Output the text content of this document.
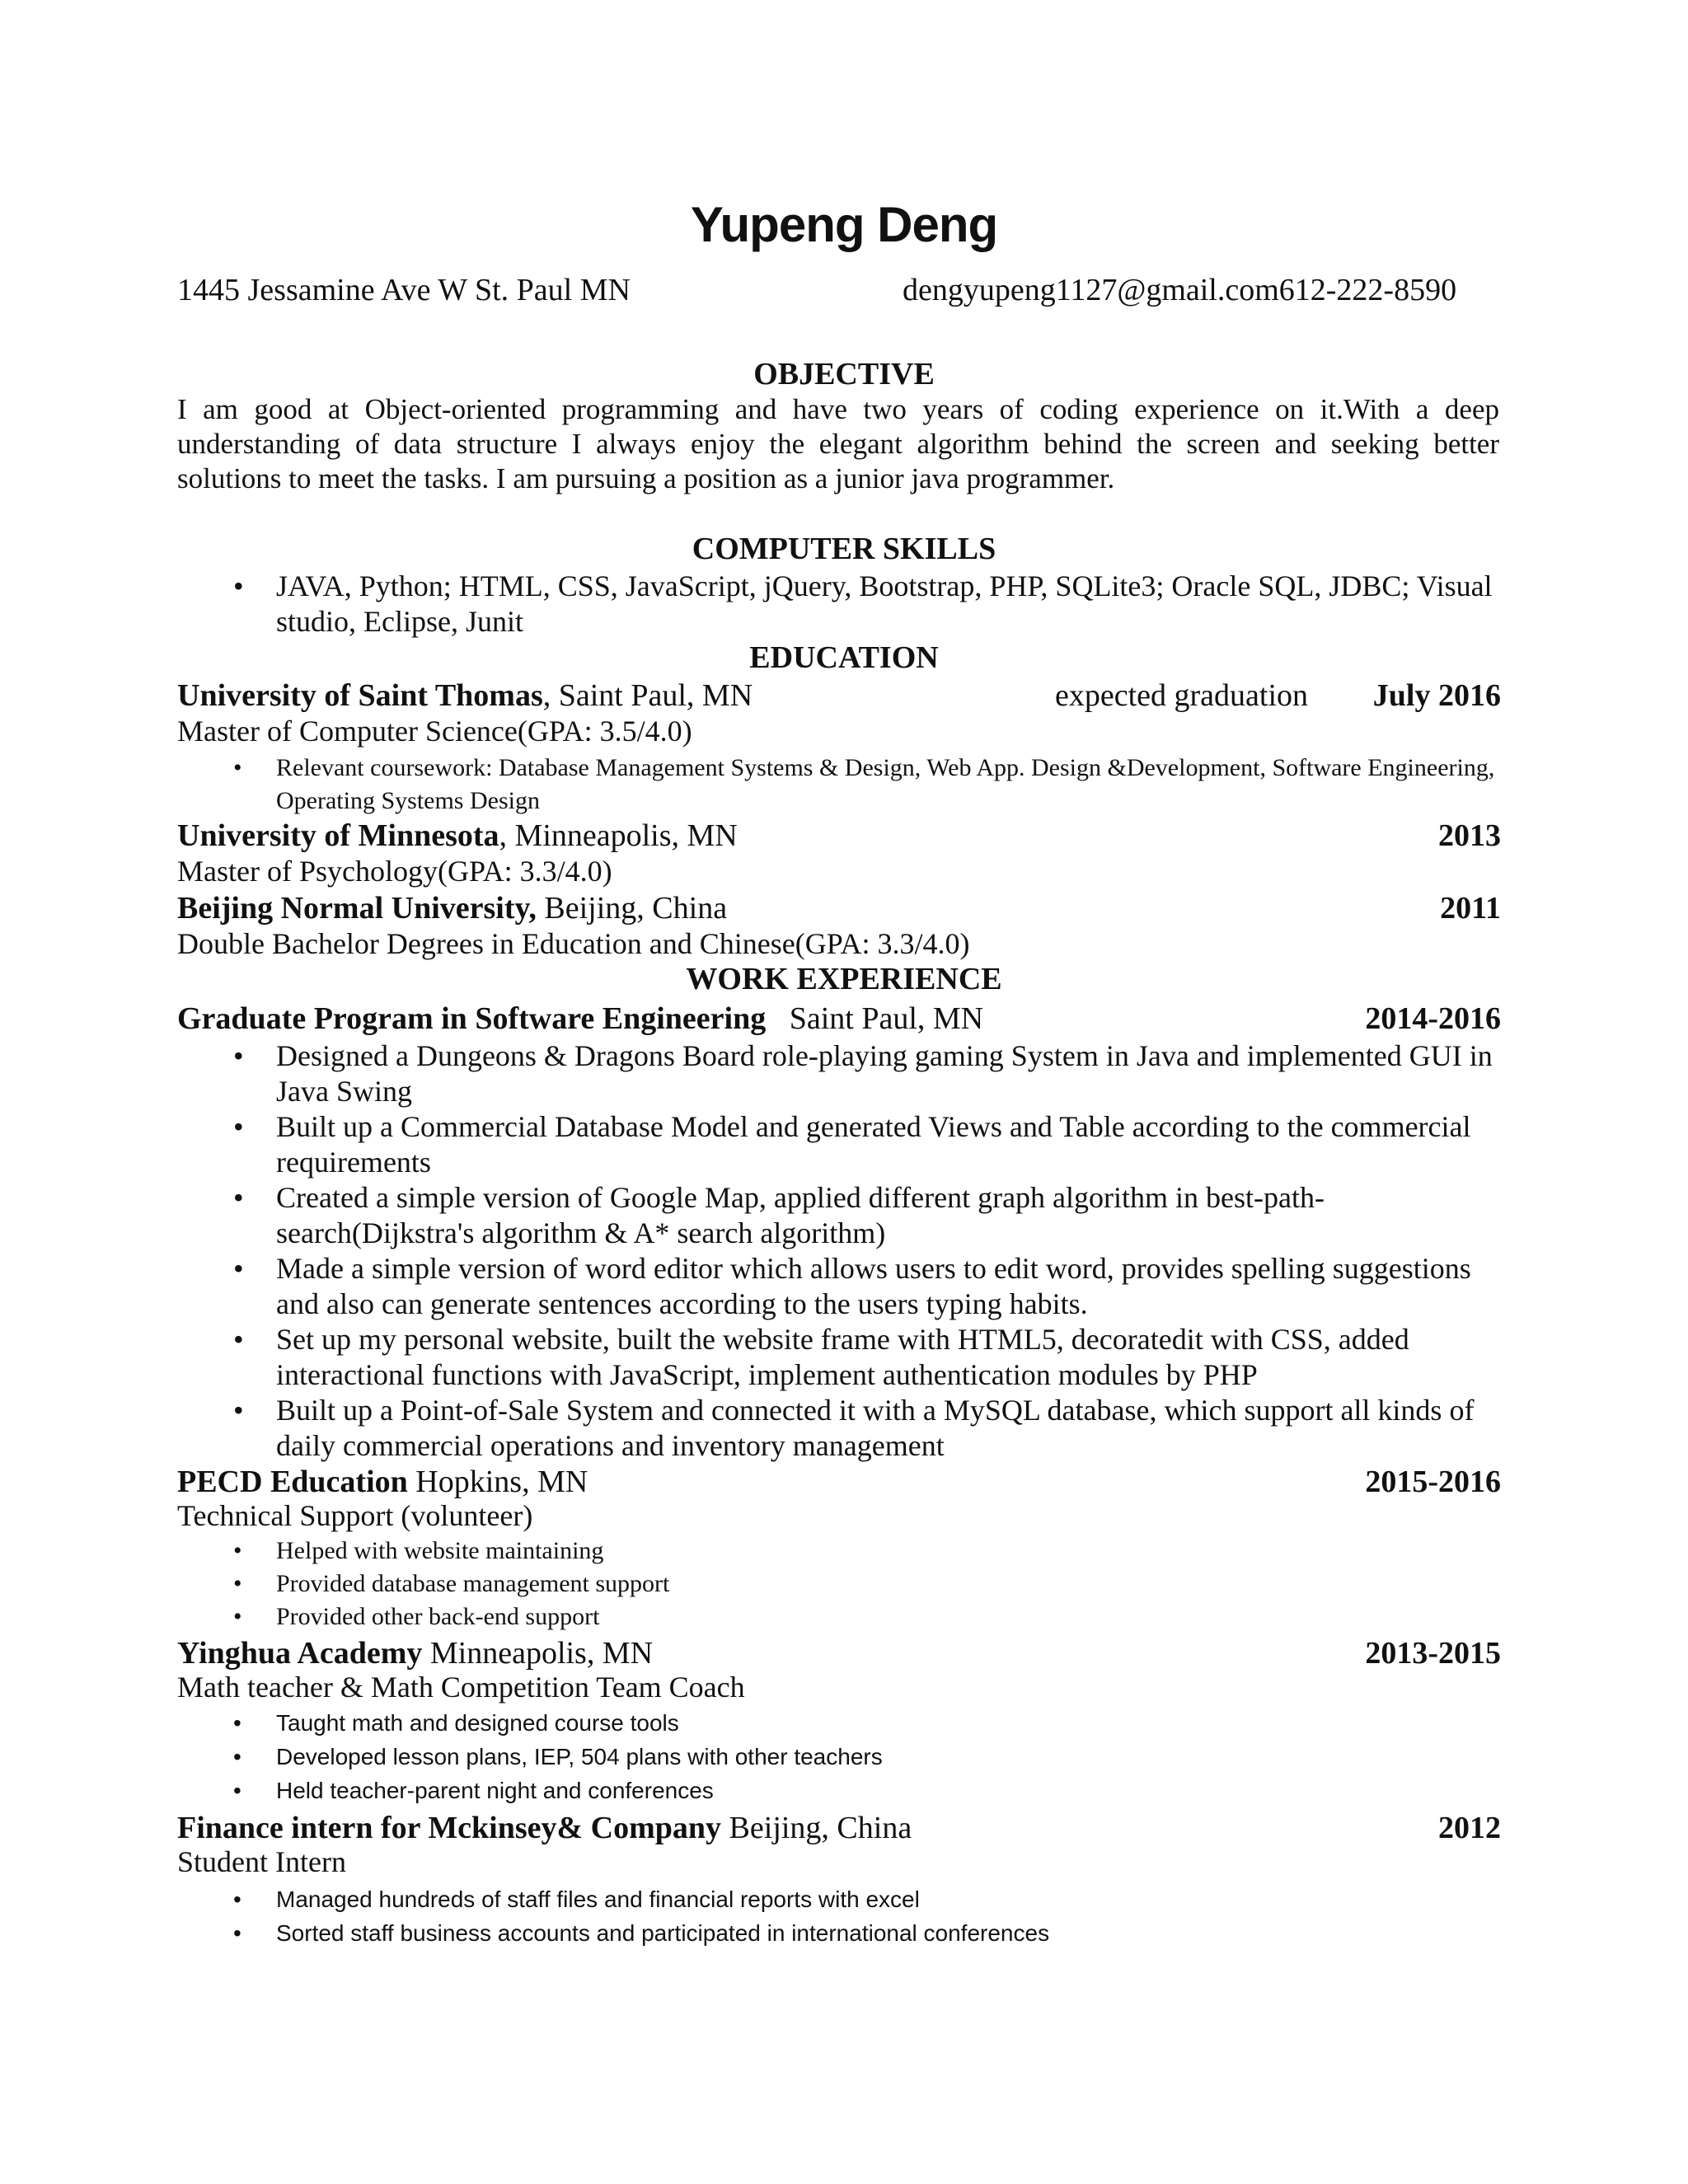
Yupeng Deng
1445 Jessamine Ave W St. Paul MN	dengyupeng1127@gmail.com612-222-8590
OBJECTIVE
I am good at Object-oriented programming and have two years of coding experience on it.With a deep understanding of data structure I always enjoy the elegant algorithm behind the screen and seeking better solutions to meet the tasks. I am pursuing a position as a junior java programmer.
COMPUTER SKILLS
• JAVA, Python; HTML, CSS, JavaScript, jQuery, Bootstrap, PHP, SQLite3; Oracle SQL, JDBC; Visual studio, Eclipse, Junit
EDUCATION
University of Saint Thomas, Saint Paul, MN	expected graduation July 2016
Master of Computer Science(GPA: 3.5/4.0)
• Relevant coursework: Database Management Systems & Design, Web App. Design &Development, Software Engineering, Operating Systems Design
University of Minnesota, Minneapolis, MN	2013
Master of Psychology(GPA: 3.3/4.0)
Beijing Normal University, Beijing, China	2011
Double Bachelor Degrees in Education and Chinese(GPA: 3.3/4.0)
WORK EXPERIENCE
Graduate Program in Software Engineering   Saint Paul, MN	2014-2016
• Designed a Dungeons & Dragons Board role-playing gaming System in Java and implemented GUI in Java Swing
• Built up a Commercial Database Model and generated Views and Table according to the commercial requirements
• Created a simple version of Google Map, applied different graph algorithm in best-path-search(Dijkstra's algorithm & A* search algorithm)
• Made a simple version of word editor which allows users to edit word, provides spelling suggestions and also can generate sentences according to the users typing habits.
• Set up my personal website, built the website frame with HTML5, decoratedit with CSS, added interactional functions with JavaScript, implement authentication modules by PHP
• Built up a Point-of-Sale System and connected it with a MySQL database, which support all kinds of daily commercial operations and inventory management
PECD Education Hopkins, MN	2015-2016
Technical Support (volunteer)
• Helped with website maintaining
• Provided database management support
• Provided other back-end support
Yinghua Academy Minneapolis, MN	2013-2015
Math teacher & Math Competition Team Coach
• Taught math and designed course tools
• Developed lesson plans, IEP, 504 plans with other teachers
• Held teacher-parent night and conferences
Finance intern for Mckinsey& Company Beijing, China	2012
Student Intern
• Managed hundreds of staff files and financial reports with excel
• Sorted staff business accounts and participated in international conferences
